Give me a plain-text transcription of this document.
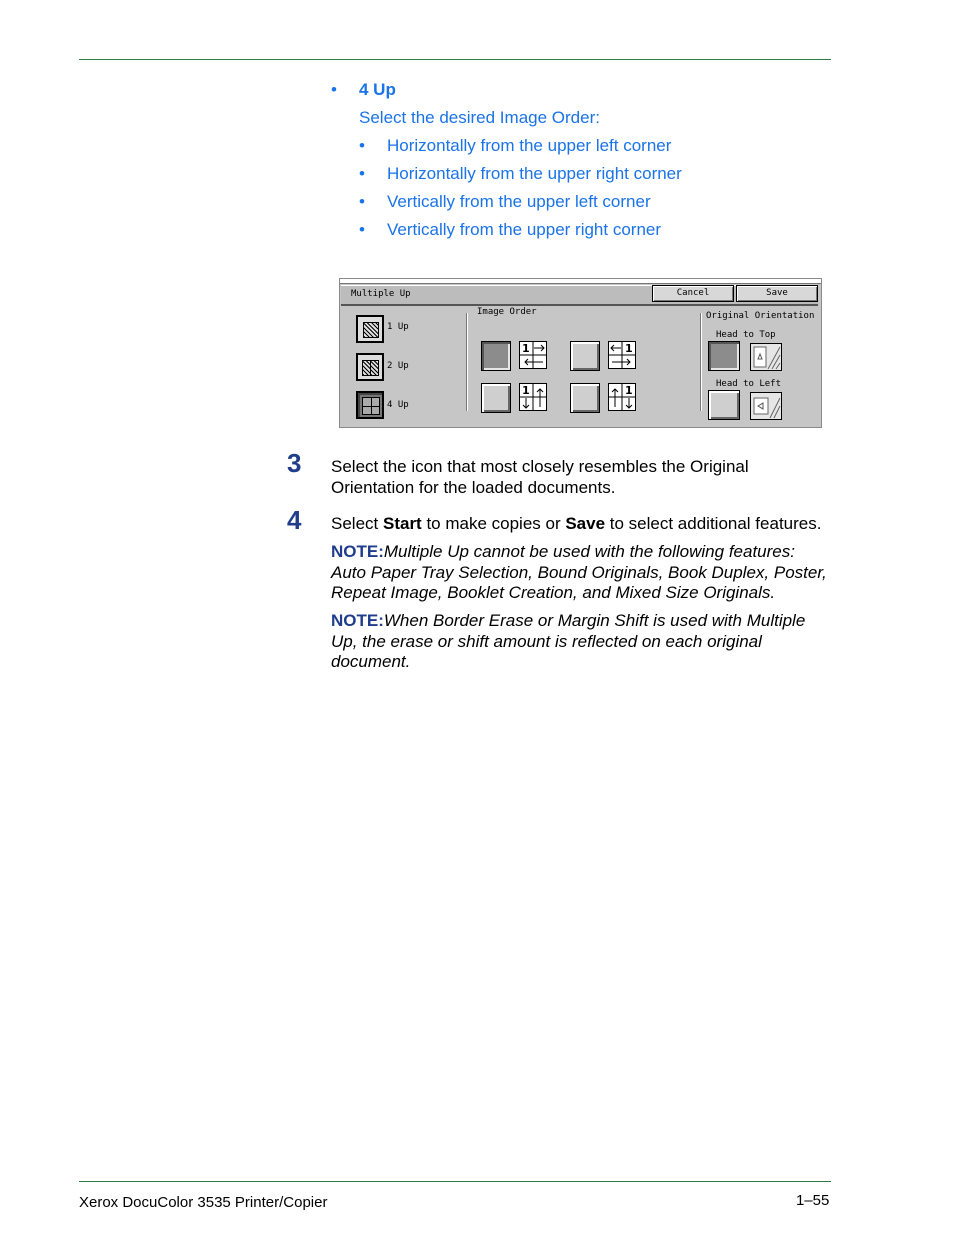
• 4 Up
Select the desired Image Order:
• Horizontally from the upper left corner
• Horizontally from the upper right corner
• Vertically from the upper left corner
• Vertically from the upper right corner
Multiple Up	Cancel	Save
1 Up
2 Up
4 Up
Image Order
1	1
1	1
Original Orientation
Head to Top
Head to Left
3 Select the icon that most closely resembles the Original Orientation for the loaded documents.
4 Select Start to make copies or Save to select additional features.
NOTE:Multiple Up cannot be used with the following features: Auto Paper Tray Selection, Bound Originals, Book Duplex, Poster, Repeat Image, Booklet Creation, and Mixed Size Originals.
NOTE:When Border Erase or Margin Shift is used with Multiple Up, the erase or shift amount is reflected on each original document.
Xerox DocuColor 3535 Printer/Copier	1–55
